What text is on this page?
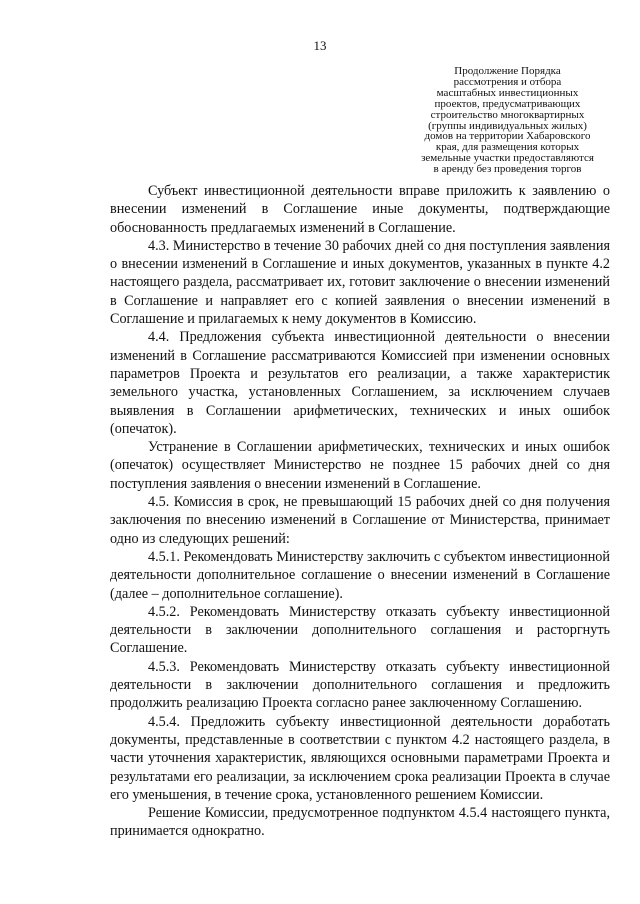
13
Продолжение Порядка
рассмотрения и отбора
масштабных инвестиционных
проектов, предусматривающих
строительство многоквартирных
(группы индивидуальных жилых)
домов на территории Хабаровского
края, для размещения которых
земельные участки предоставляются
в аренду без проведения торгов

Субъект инвестиционной деятельности вправе приложить к заявлению о внесении изменений в Соглашение иные документы, подтверждающие обоснованность предлагаемых изменений в Соглашение.

4.3. Министерство в течение 30 рабочих дней со дня поступления заявления о внесении изменений в Соглашение и иных документов, указанных в пункте 4.2 настоящего раздела, рассматривает их, готовит заключение о внесении изменений в Соглашение и направляет его с копией заявления о внесении изменений в Соглашение и прилагаемых к нему документов в Комиссию.

4.4. Предложения субъекта инвестиционной деятельности о внесении изменений в Соглашение рассматриваются Комиссией при изменении основных параметров Проекта и результатов его реализации, а также характеристик земельного участка, установленных Соглашением, за исключением случаев выявления в Соглашении арифметических, технических и иных ошибок (опечаток).

Устранение в Соглашении арифметических, технических и иных ошибок (опечаток) осуществляет Министерство не позднее 15 рабочих дней со дня поступления заявления о внесении изменений в Соглашение.

4.5. Комиссия в срок, не превышающий 15 рабочих дней со дня получения заключения по внесению изменений в Соглашение от Министерства, принимает одно из следующих решений:

4.5.1. Рекомендовать Министерству заключить с субъектом инвестиционной деятельности дополнительное соглашение о внесении изменений в Соглашение (далее – дополнительное соглашение).

4.5.2. Рекомендовать Министерству отказать субъекту инвестиционной деятельности в заключении дополнительного соглашения и расторгнуть Соглашение.

4.5.3. Рекомендовать Министерству отказать субъекту инвестиционной деятельности в заключении дополнительного соглашения и предложить продолжить реализацию Проекта согласно ранее заключенному Соглашению.

4.5.4. Предложить субъекту инвестиционной деятельности доработать документы, представленные в соответствии с пунктом 4.2 настоящего раздела, в части уточнения характеристик, являющихся основными параметрами Проекта и результатами его реализации, за исключением срока реализации Проекта в случае его уменьшения, в течение срока, установленного решением Комиссии.

Решение Комиссии, предусмотренное подпунктом 4.5.4 настоящего пункта, принимается однократно.
